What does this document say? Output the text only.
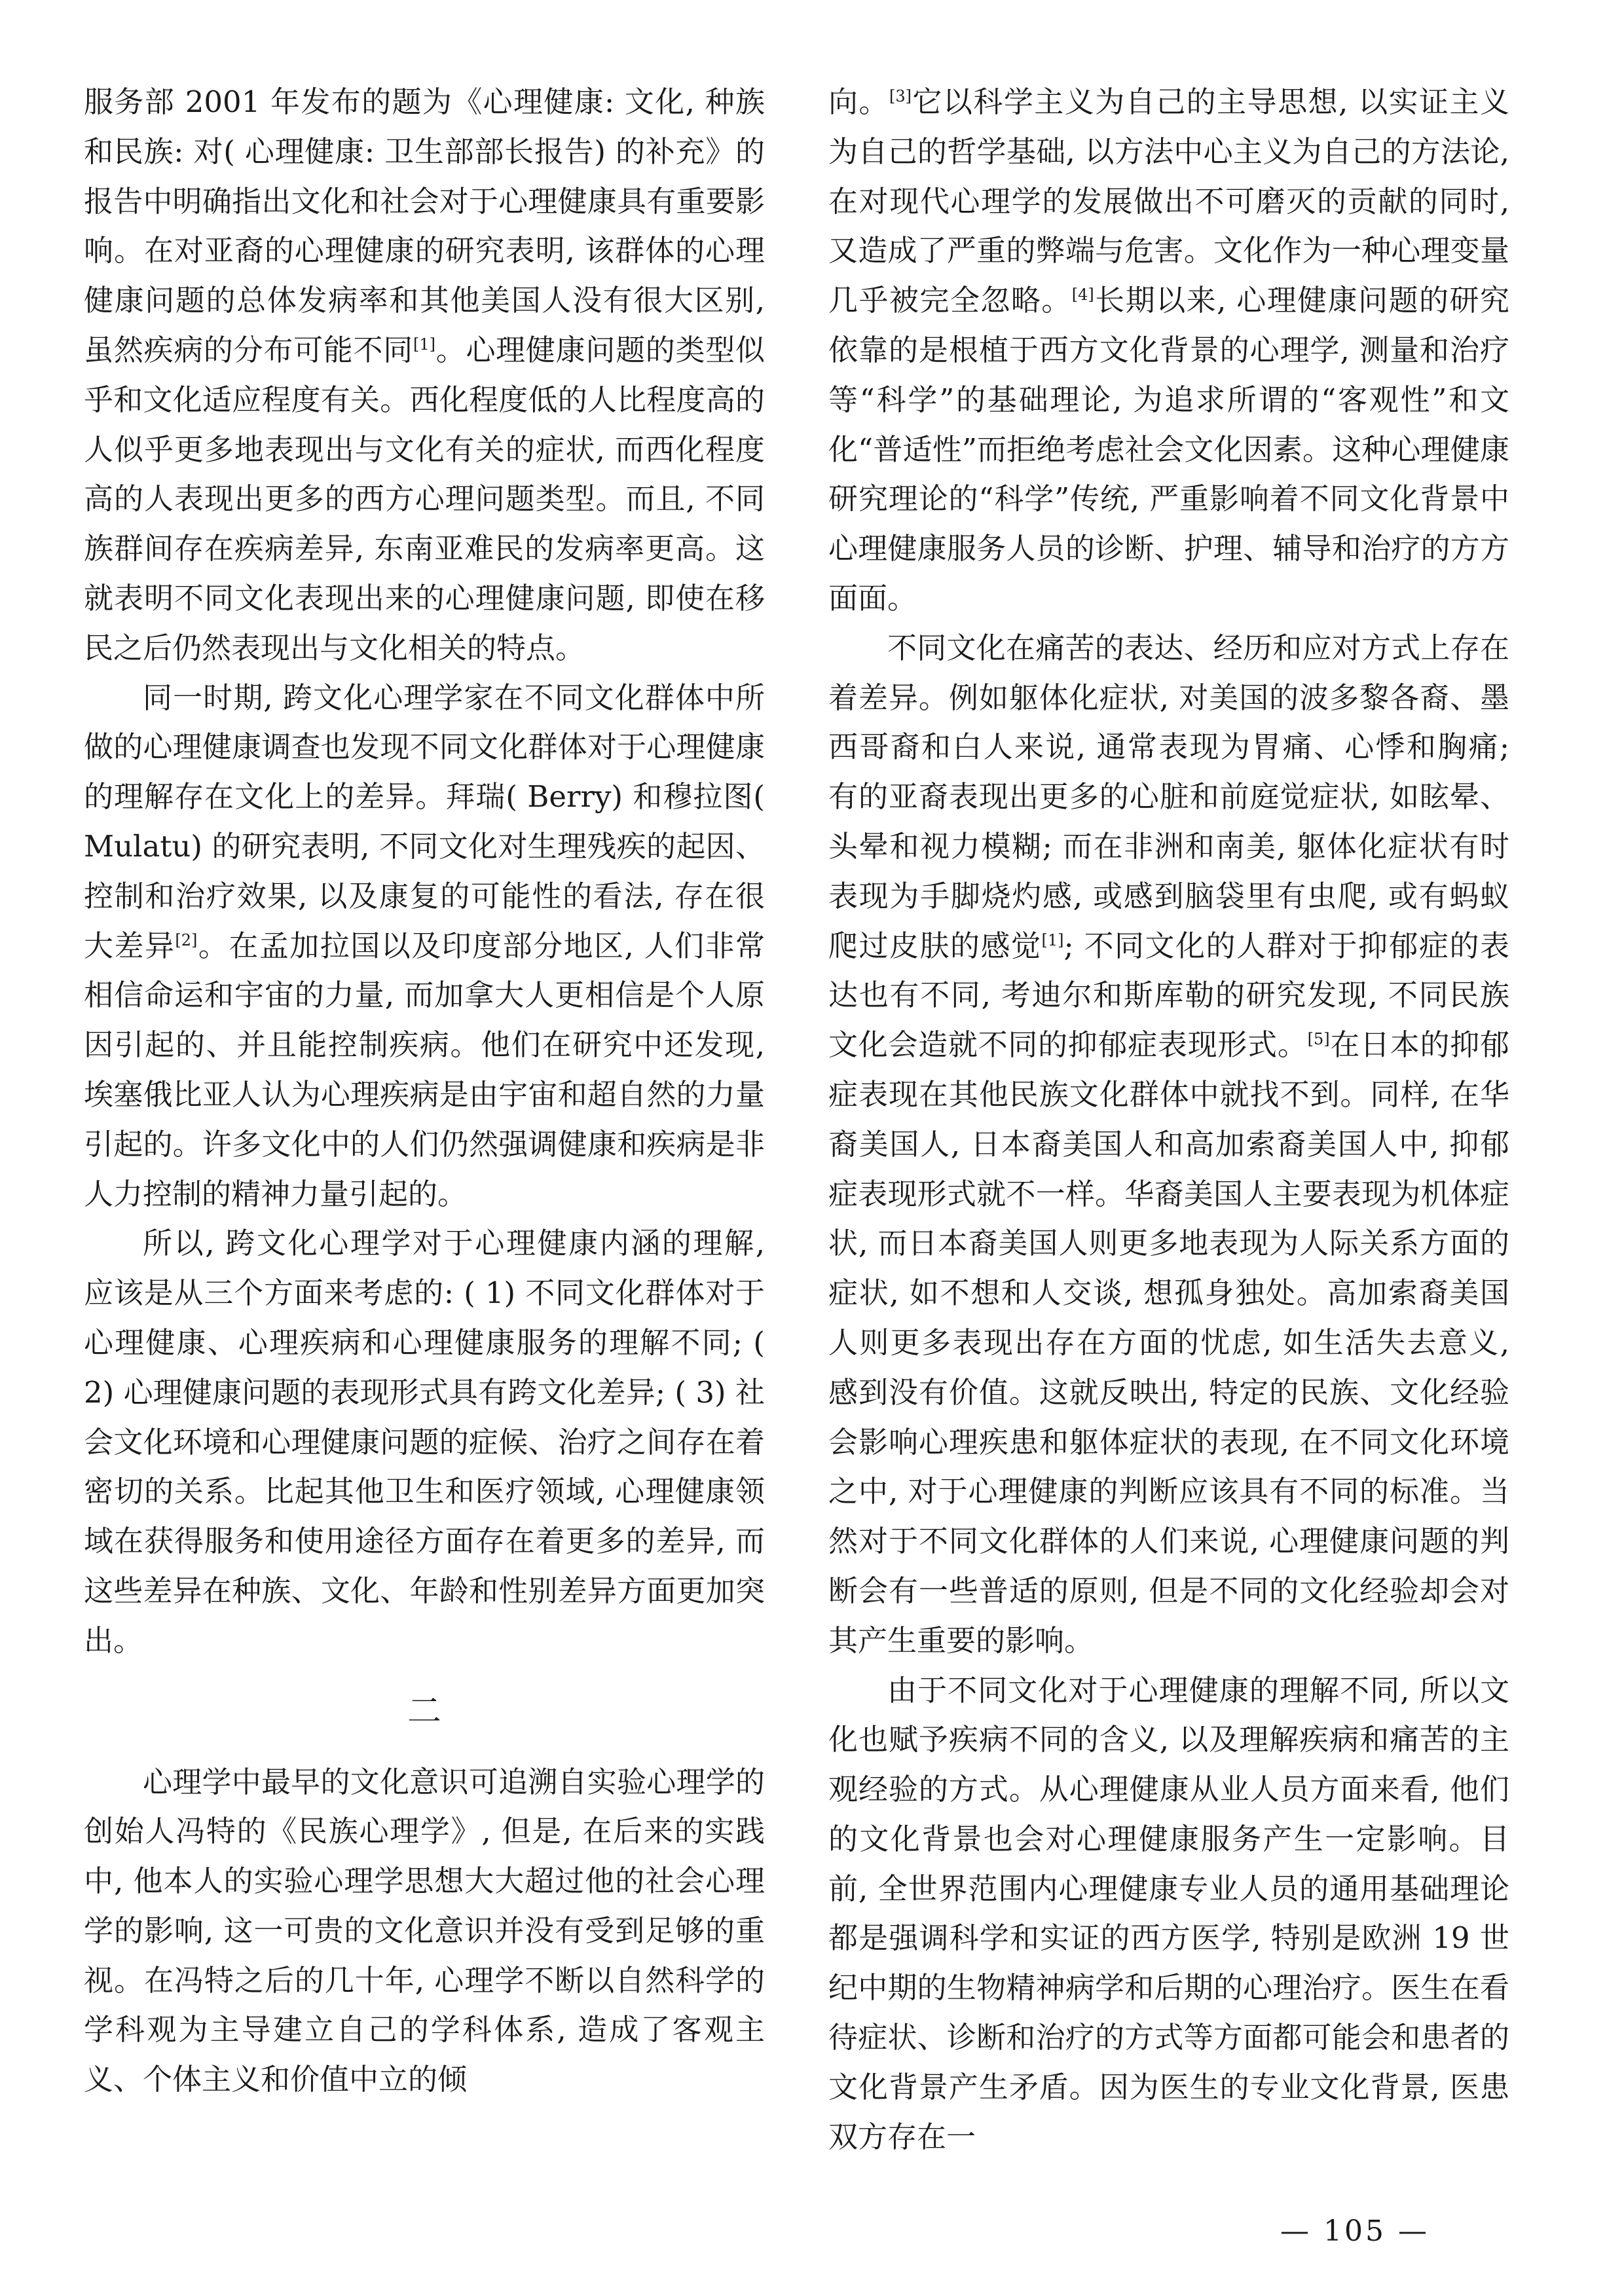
服务部 2001 年发布的题为《心理健康: 文化, 种族和民族: 对( 心理健康: 卫生部部长报告) 的补充》的报告中明确指出文化和社会对于心理健康具有重要影响。在对亚裔的心理健康的研究表明, 该群体的心理健康问题的总体发病率和其他美国人没有很大区别, 虽然疾病的分布可能不同[1]。心理健康问题的类型似乎和文化适应程度有关。西化程度低的人比程度高的人似乎更多地表现出与文化有关的症状, 而西化程度高的人表现出更多的西方心理问题类型。而且, 不同族群间存在疾病差异, 东南亚难民的发病率更高。这就表明不同文化表现出来的心理健康问题, 即使在移民之后仍然表现出与文化相关的特点。

同一时期, 跨文化心理学家在不同文化群体中所做的心理健康调查也发现不同文化群体对于心理健康的理解存在文化上的差异。拜瑞( Berry) 和穆拉图( Mulatu) 的研究表明, 不同文化对生理残疾的起因、控制和治疗效果, 以及康复的可能性的看法, 存在很大差异[2]。在孟加拉国以及印度部分地区, 人们非常相信命运和宇宙的力量, 而加拿大人更相信是个人原因引起的、并且能控制疾病。他们在研究中还发现, 埃塞俄比亚人认为心理疾病是由宇宙和超自然的力量引起的。许多文化中的人们仍然强调健康和疾病是非人力控制的精神力量引起的。

所以, 跨文化心理学对于心理健康内涵的理解, 应该是从三个方面来考虑的: ( 1) 不同文化群体对于心理健康、心理疾病和心理健康服务的理解不同; ( 2) 心理健康问题的表现形式具有跨文化差异; ( 3) 社会文化环境和心理健康问题的症候、治疗之间存在着密切的关系。比起其他卫生和医疗领域, 心理健康领域在获得服务和使用途径方面存在着更多的差异, 而这些差异在种族、文化、年龄和性别差异方面更加突出。

二

心理学中最早的文化意识可追溯自实验心理学的创始人冯特的《民族心理学》, 但是, 在后来的实践中, 他本人的实验心理学思想大大超过他的社会心理学的影响, 这一可贵的文化意识并没有受到足够的重视。在冯特之后的几十年, 心理学不断以自然科学的学科观为主导建立自己的学科体系, 造成了客观主义、个体主义和价值中立的倾

向。[3]它以科学主义为自己的主导思想, 以实证主义为自己的哲学基础, 以方法中心主义为自己的方法论, 在对现代心理学的发展做出不可磨灭的贡献的同时, 又造成了严重的弊端与危害。文化作为一种心理变量几乎被完全忽略。[4]长期以来, 心理健康问题的研究依靠的是根植于西方文化背景的心理学, 测量和治疗等“科学”的基础理论, 为追求所谓的“客观性”和文化“普适性”而拒绝考虑社会文化因素。这种心理健康研究理论的“科学”传统, 严重影响着不同文化背景中心理健康服务人员的诊断、护理、辅导和治疗的方方面面。

不同文化在痛苦的表达、经历和应对方式上存在着差异。例如躯体化症状, 对美国的波多黎各裔、墨西哥裔和白人来说, 通常表现为胃痛、心悸和胸痛; 有的亚裔表现出更多的心脏和前庭觉症状, 如眩晕、头晕和视力模糊; 而在非洲和南美, 躯体化症状有时表现为手脚烧灼感, 或感到脑袋里有虫爬, 或有蚂蚁爬过皮肤的感觉[1]; 不同文化的人群对于抑郁症的表达也有不同, 考迪尔和斯库勒的研究发现, 不同民族文化会造就不同的抑郁症表现形式。[5]在日本的抑郁症表现在其他民族文化群体中就找不到。同样, 在华裔美国人, 日本裔美国人和高加索裔美国人中, 抑郁症表现形式就不一样。华裔美国人主要表现为机体症状, 而日本裔美国人则更多地表现为人际关系方面的症状, 如不想和人交谈, 想孤身独处。高加索裔美国人则更多表现出存在方面的忧虑, 如生活失去意义, 感到没有价值。这就反映出, 特定的民族、文化经验会影响心理疾患和躯体症状的表现, 在不同文化环境之中, 对于心理健康的判断应该具有不同的标准。当然对于不同文化群体的人们来说, 心理健康问题的判断会有一些普适的原则, 但是不同的文化经验却会对其产生重要的影响。

由于不同文化对于心理健康的理解不同, 所以文化也赋予疾病不同的含义, 以及理解疾病和痛苦的主观经验的方式。从心理健康从业人员方面来看, 他们的文化背景也会对心理健康服务产生一定影响。目前, 全世界范围内心理健康专业人员的通用基础理论都是强调科学和实证的西方医学, 特别是欧洲 19 世纪中期的生物精神病学和后期的心理治疗。医生在看待症状、诊断和治疗的方式等方面都可能会和患者的文化背景产生矛盾。因为医生的专业文化背景, 医患双方存在一

— 105 —
